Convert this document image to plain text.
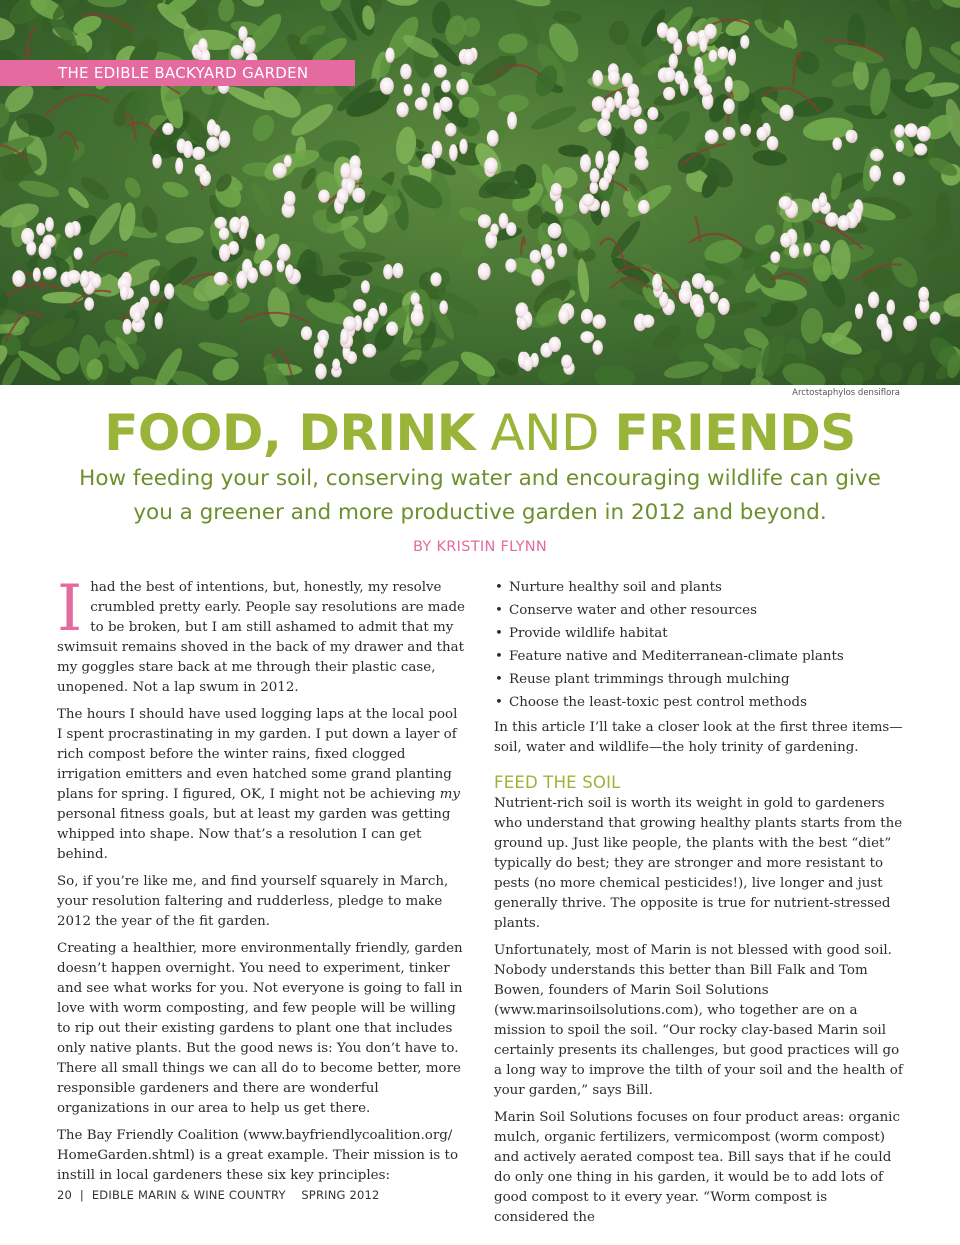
THE EDIBLE BACKYARD GARDEN
Arctostaphylos densiflora
FOOD, DRINK AND FRIENDS
How feeding your soil, conserving water and encouraging wildlife can give you a greener and more productive garden in 2012 and beyond.
BY KRISTIN FLYNN

Ihad the best of intentions, but, honestly, my resolve crumbled pretty early. People say resolutions are made to be broken, but I am still ashamed to admit that my swimsuit remains shoved in the back of my drawer and that my goggles stare back at me through their plastic case, unopened. Not a lap swum in 2012.

The hours I should have used logging laps at the local pool I spent procrastinating in my garden. I put down a layer of rich compost before the winter rains, fixed clogged irrigation emitters and even hatched some grand planting plans for spring. I figured, OK, I might not be achieving my personal fitness goals, but at least my garden was getting whipped into shape. Now that’s a resolution I can get behind.

So, if you’re like me, and find yourself squarely in March, your resolution faltering and rudderless, pledge to make 2012 the year of the fit garden.

Creating a healthier, more environmentally friendly, garden doesn’t happen overnight. You need to experiment, tinker and see what works for you. Not everyone is going to fall in love with worm composting, and few people will be willing to rip out their existing gardens to plant one that includes only native plants. But the good news is: You don’t have to. There all small things we can all do to become better, more responsible gardeners and there are wonderful organizations in our area to help us get there.

The Bay Friendly Coalition (www.bayfriendlycoalition.org/ HomeGarden.shtml) is a great example. Their mission is to instill in local gardeners these six key principles:

• Nurture healthy soil and plants
• Conserve water and other resources
• Provide wildlife habitat
• Feature native and Mediterranean-climate plants
• Reuse plant trimmings through mulching
• Choose the least-toxic pest control methods

In this article I’ll take a closer look at the first three items— soil, water and wildlife—the holy trinity of gardening.

FEED THE SOIL

Nutrient-rich soil is worth its weight in gold to gardeners who understand that growing healthy plants starts from the ground up. Just like people, the plants with the best “diet” typically do best; they are stronger and more resistant to pests (no more chemical pesticides!), live longer and just generally thrive. The opposite is true for nutrient-stressed plants.

Unfortunately, most of Marin is not blessed with good soil. Nobody understands this better than Bill Falk and Tom Bowen, founders of Marin Soil Solutions (www.marinsoilsolutions.com), who together are on a mission to spoil the soil. “Our rocky clay-based Marin soil certainly presents its challenges, but good practices will go a long way to improve the tilth of your soil and the health of your garden,” says Bill.

Marin Soil Solutions focuses on four product areas: organic mulch, organic fertilizers, vermicompost (worm compost) and actively aerated compost tea. Bill says that if he could do only one thing in his garden, it would be to add lots of good compost to it every year. “Worm compost is considered the

20 | EDIBLE MARIN & WINE COUNTRY SPRING 2012
